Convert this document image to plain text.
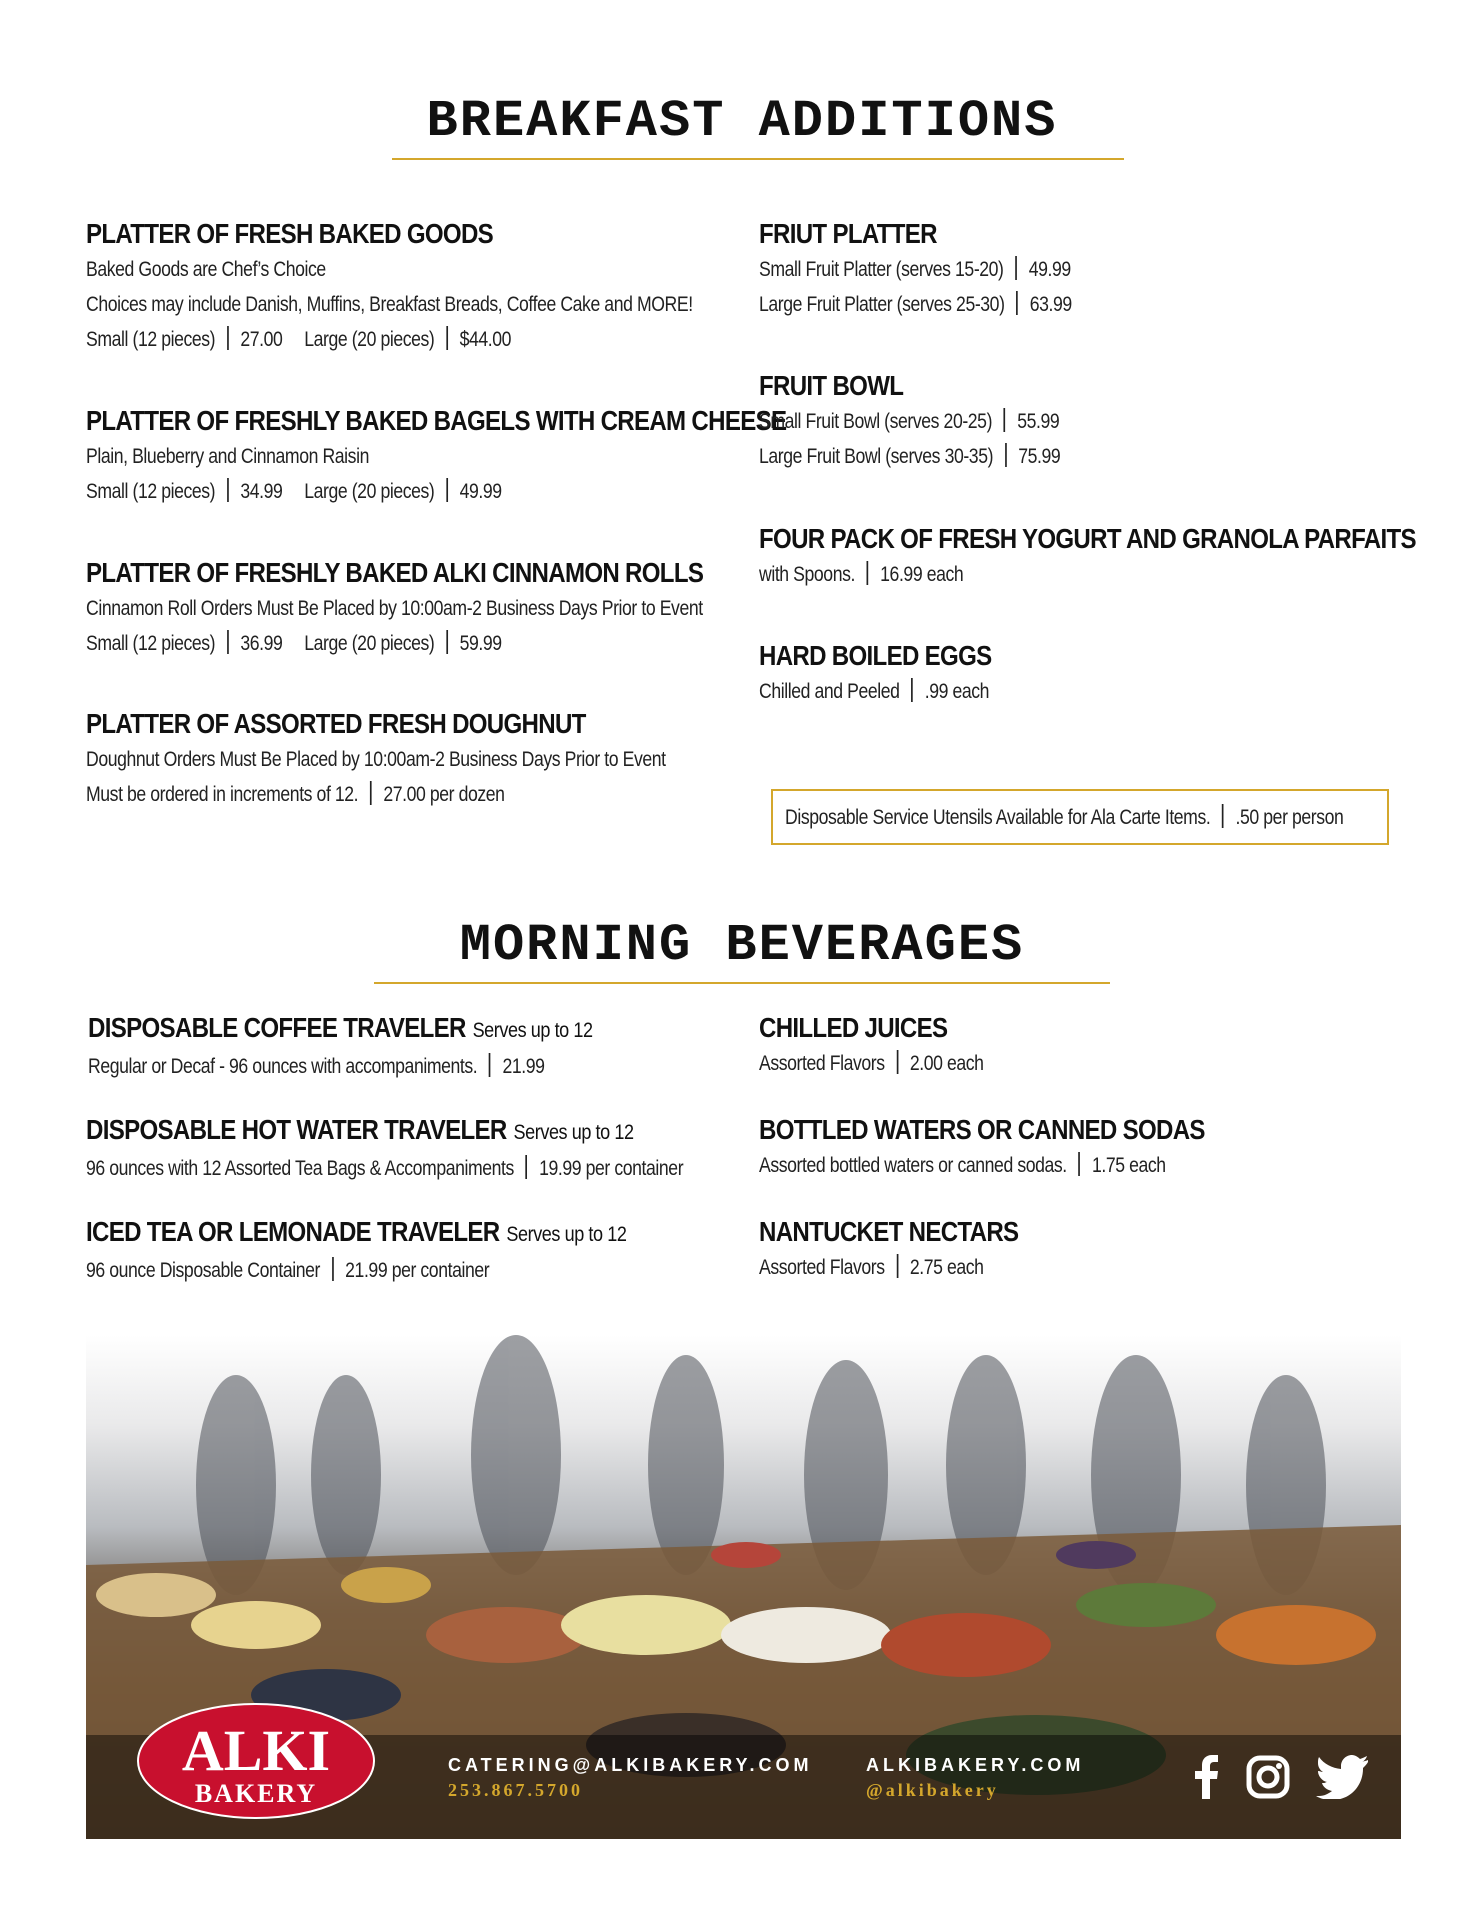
BREAKFAST ADDITIONS
PLATTER OF FRESH BAKED GOODS
Baked Goods are Chef’s Choice
Choices may include Danish, Muffins, Breakfast Breads, Coffee Cake and MORE!
Small (12 pieces) 27.00 Large (20 pieces) $44.00
PLATTER OF FRESHLY BAKED BAGELS WITH CREAM CHEESE
Plain, Blueberry and Cinnamon Raisin
Small (12 pieces) 34.99 Large (20 pieces) 49.99
PLATTER OF FRESHLY BAKED ALKI CINNAMON ROLLS
Cinnamon Roll Orders Must Be Placed by 10:00am-2 Business Days Prior to Event
Small (12 pieces) 36.99 Large (20 pieces) 59.99
PLATTER OF ASSORTED FRESH DOUGHNUT
Doughnut Orders Must Be Placed by 10:00am-2 Business Days Prior to Event
Must be ordered in increments of 12. 27.00 per dozen
FRIUT PLATTER
Small Fruit Platter (serves 15-20) 49.99
Large Fruit Platter (serves 25-30) 63.99
FRUIT BOWL
Small Fruit Bowl (serves 20-25) 55.99
Large Fruit Bowl (serves 30-35) 75.99
FOUR PACK OF FRESH YOGURT AND GRANOLA PARFAITS
with Spoons. 16.99 each
HARD BOILED EGGS
Chilled and Peeled .99 each
Disposable Service Utensils Available for Ala Carte Items. .50 per person
MORNING BEVERAGES
DISPOSABLE COFFEE TRAVELER Serves up to 12
Regular or Decaf - 96 ounces with accompaniments. 21.99
DISPOSABLE HOT WATER TRAVELER Serves up to 12
96 ounces with 12 Assorted Tea Bags & Accompaniments 19.99 per container
ICED TEA OR LEMONADE TRAVELER Serves up to 12
96 ounce Disposable Container 21.99 per container
CHILLED JUICES
Assorted Flavors 2.00 each
BOTTLED WATERS OR CANNED SODAS
Assorted bottled waters or canned sodas. 1.75 each
NANTUCKET NECTARS
Assorted Flavors 2.75 each
ALKI
BAKERY
CATERING@ALKIBAKERY.COM
253.867.5700
ALKIBAKERY.COM
@alkibakery
